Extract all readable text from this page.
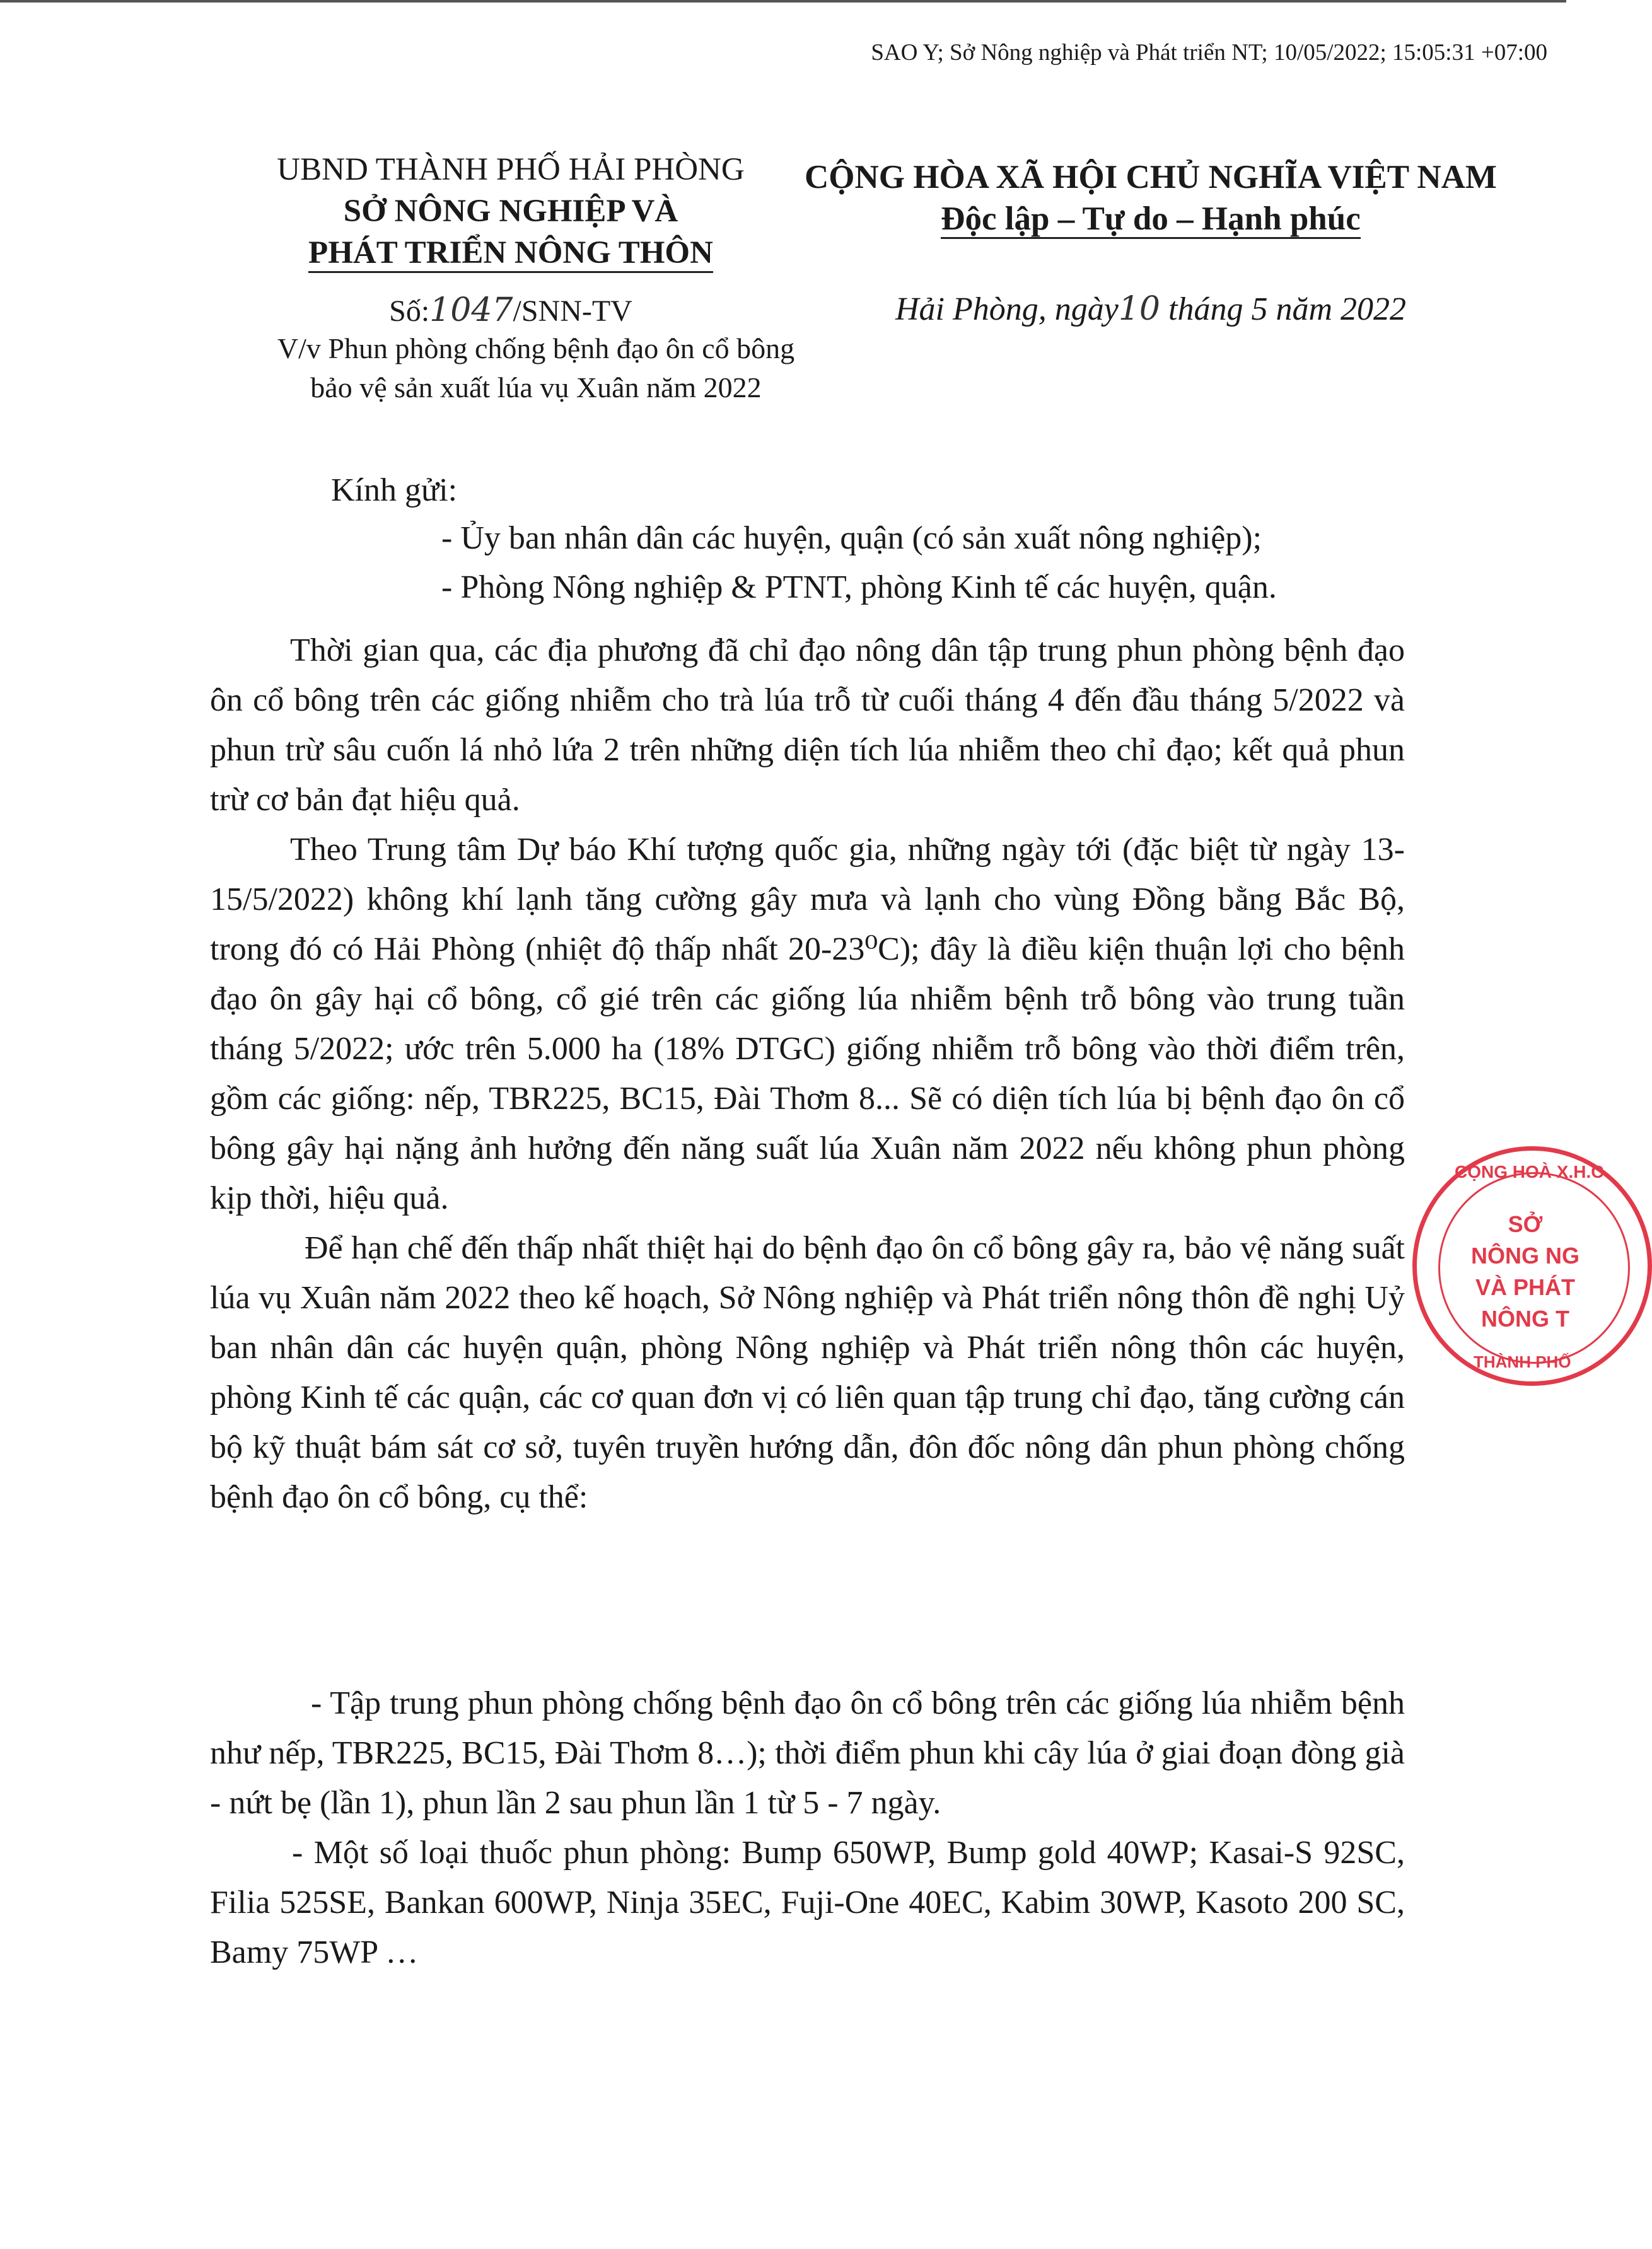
SAO Y; Sở Nông nghiệp và Phát triển NT; 10/05/2022; 15:05:31 +07:00
UBND THÀNH PHỐ HẢI PHÒNG
SỞ NÔNG NGHIỆP VÀ
PHÁT TRIỂN NÔNG THÔN
CỘNG HÒA XÃ HỘI CHỦ NGHĨA VIỆT NAM
Độc lập – Tự do – Hạnh phúc
Số:1047/SNN-TV
V/v Phun phòng chống bệnh đạo ôn cổ bông
bảo vệ sản xuất lúa vụ Xuân năm 2022
Hải Phòng, ngày10 tháng 5 năm 2022
Kính gửi:
- Ủy ban nhân dân các huyện, quận (có sản xuất nông nghiệp);
- Phòng Nông nghiệp & PTNT, phòng Kinh tế các huyện, quận.

Thời gian qua, các địa phương đã chỉ đạo nông dân tập trung phun phòng bệnh đạo ôn cổ bông trên các giống nhiễm cho trà lúa trỗ từ cuối tháng 4 đến đầu tháng 5/2022 và phun trừ sâu cuốn lá nhỏ lứa 2 trên những diện tích lúa nhiễm theo chỉ đạo; kết quả phun trừ cơ bản đạt hiệu quả.

Theo Trung tâm Dự báo Khí tượng quốc gia, những ngày tới (đặc biệt từ ngày 13-15/5/2022) không khí lạnh tăng cường gây mưa và lạnh cho vùng Đồng bằng Bắc Bộ, trong đó có Hải Phòng (nhiệt độ thấp nhất 20-23⁰C); đây là điều kiện thuận lợi cho bệnh đạo ôn gây hại cổ bông, cổ gié trên các giống lúa nhiễm bệnh trỗ bông vào trung tuần tháng 5/2022; ước trên 5.000 ha (18% DTGC) giống nhiễm trỗ bông vào thời điểm trên, gồm các giống: nếp, TBR225, BC15, Đài Thơm 8... Sẽ có diện tích lúa bị bệnh đạo ôn cổ bông gây hại nặng ảnh hưởng đến năng suất lúa Xuân năm 2022 nếu không phun phòng kịp thời, hiệu quả.

Để hạn chế đến thấp nhất thiệt hại do bệnh đạo ôn cổ bông gây ra, bảo vệ năng suất lúa vụ Xuân năm 2022 theo kế hoạch, Sở Nông nghiệp và Phát triển nông thôn đề nghị Uỷ ban nhân dân các huyện quận, phòng Nông nghiệp và Phát triển nông thôn các huyện, phòng Kinh tế các quận, các cơ quan đơn vị có liên quan tập trung chỉ đạo, tăng cường cán bộ kỹ thuật bám sát cơ sở, tuyên truyền hướng dẫn, đôn đốc nông dân phun phòng chống bệnh đạo ôn cổ bông, cụ thể:

- Tập trung phun phòng chống bệnh đạo ôn cổ bông trên các giống lúa nhiễm bệnh như nếp, TBR225, BC15, Đài Thơm 8…); thời điểm phun khi cây lúa ở giai đoạn đòng già - nứt bẹ (lần 1), phun lần 2 sau phun lần 1 từ 5 - 7 ngày.

- Một số loại thuốc phun phòng: Bump 650WP, Bump gold 40WP; Kasai-S 92SC, Filia 525SE, Bankan 600WP, Ninja 35EC, Fuji-One 40EC, Kabim 30WP, Kasoto 200 SC, Bamy 75WP …

CỘNG HOÀ X.H.C
SỞ
NÔNG NG
VÀ PHÁT
NÔNG T
THÀNH PHỐ
